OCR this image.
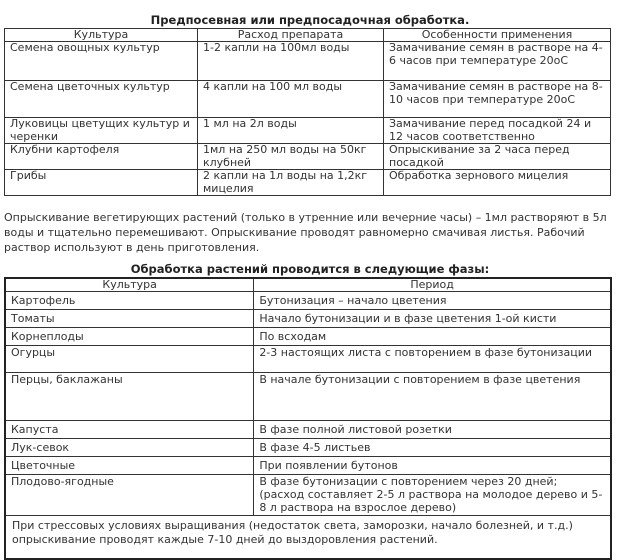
Предпосевная или предпосадочная обработка.
Культура	Расход препарата	Особенности применения
Семена овощных культур	1-2 капли на 100мл воды	Замачивание семян в растворе на 4-6 часов при температуре 20оС
Семена цветочных культур	4 капли на 100 мл воды	Замачивание семян в растворе на 8-10 часов при температуре 20оС
Луковицы цветущих культур и черенки	1 мл на 2л воды	Замачивание перед посадкой 24 и 12 часов соответственно
Клубни картофеля	1мл на 250 мл воды на 50кг клубней	Опрыскивание за 2 часа перед посадкой
Грибы	2 капли на 1л воды на 1,2кг мицелия	Обработка зернового мицелия
Опрыскивание вегетирующих растений (только в утренние или вечерние часы) – 1мл растворяют в 5л воды и тщательно перемешивают. Опрыскивание проводят равномерно смачивая листья. Рабочий раствор используют в день приготовления.
Обработка растений проводится в следующие фазы:
Культура	Период
Картофель	Бутонизация – начало цветения
Томаты	Начало бутонизации и в фазе цветения 1-ой кисти
Корнеплоды	По всходам
Огурцы	2-3 настоящих листа с повторением в фазе бутонизации
Перцы, баклажаны	В начале бутонизации с повторением в фазе цветения
Капуста	В фазе полной листовой розетки
Лук-севок	В фазе 4-5 листьев
Цветочные	При появлении бутонов
Плодово-ягодные	В фазе бутонизации с повторением через 20 дней; (расход составляет 2-5 л раствора на молодое дерево и 5-8 л раствора на взрослое дерево)
При стрессовых условиях выращивания (недостаток света, заморозки, начало болезней, и т.д.) опрыскивание проводят каждые 7-10 дней до выздоровления растений.	
